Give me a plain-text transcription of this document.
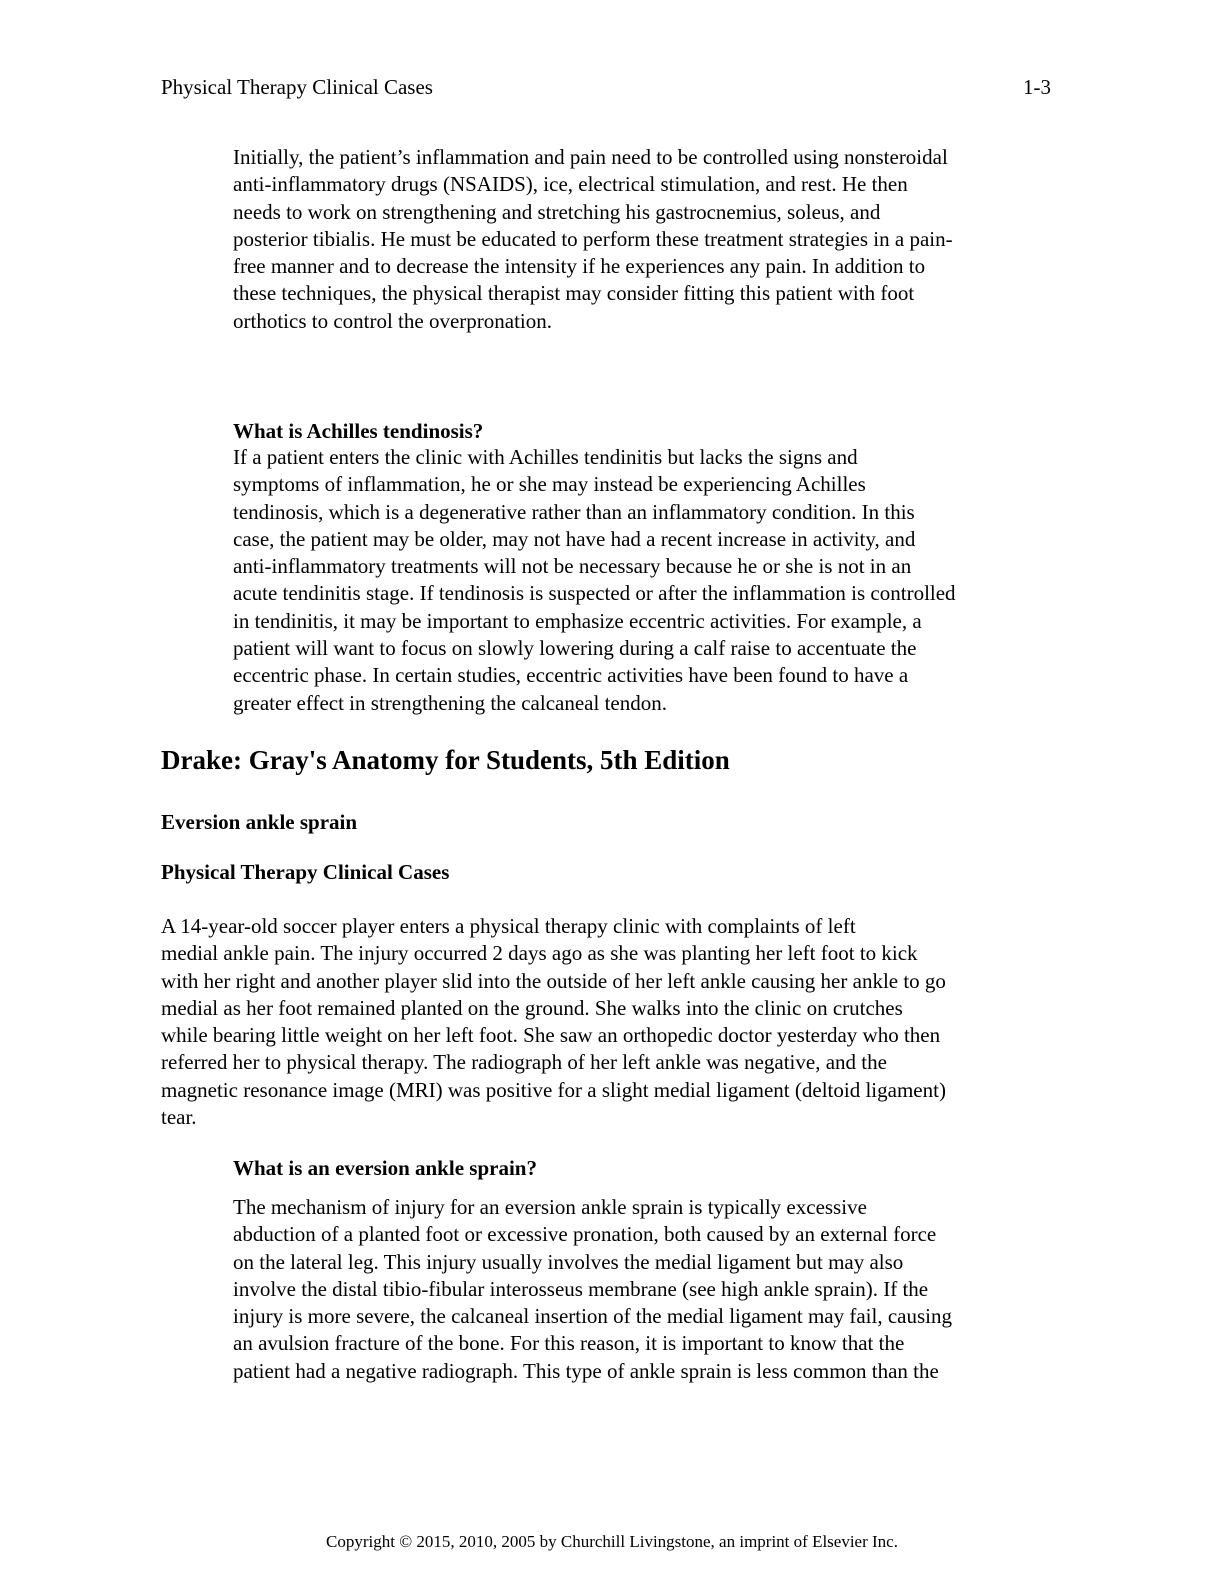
Physical Therapy Clinical Cases	1-3

Initially, the patient’s inflammation and pain need to be controlled using nonsteroidal
anti-inflammatory drugs (NSAIDS), ice, electrical stimulation, and rest. He then
needs to work on strengthening and stretching his gastrocnemius, soleus, and
posterior tibialis. He must be educated to perform these treatment strategies in a pain-
free manner and to decrease the intensity if he experiences any pain. In addition to
these techniques, the physical therapist may consider fitting this patient with foot
orthotics to control the overpronation.

What is Achilles tendinosis?

If a patient enters the clinic with Achilles tendinitis but lacks the signs and
symptoms of inflammation, he or she may instead be experiencing Achilles
tendinosis, which is a degenerative rather than an inflammatory condition. In this
case, the patient may be older, may not have had a recent increase in activity, and
anti-inflammatory treatments will not be necessary because he or she is not in an
acute tendinitis stage. If tendinosis is suspected or after the inflammation is controlled
in tendinitis, it may be important to emphasize eccentric activities. For example, a
patient will want to focus on slowly lowering during a calf raise to accentuate the
eccentric phase. In certain studies, eccentric activities have been found to have a
greater effect in strengthening the calcaneal tendon.

Drake: Gray's Anatomy for Students, 5th Edition
Eversion ankle sprain
Physical Therapy Clinical Cases

A 14-year-old soccer player enters a physical therapy clinic with complaints of left
medial ankle pain. The injury occurred 2 days ago as she was planting her left foot to kick
with her right and another player slid into the outside of her left ankle causing her ankle to go
medial as her foot remained planted on the ground. She walks into the clinic on crutches
while bearing little weight on her left foot. She saw an orthopedic doctor yesterday who then
referred her to physical therapy. The radiograph of her left ankle was negative, and the
magnetic resonance image (MRI) was positive for a slight medial ligament (deltoid ligament)
tear.

What is an eversion ankle sprain?

The mechanism of injury for an eversion ankle sprain is typically excessive
abduction of a planted foot or excessive pronation, both caused by an external force
on the lateral leg. This injury usually involves the medial ligament but may also
involve the distal tibio-fibular interosseus membrane (see high ankle sprain). If the
injury is more severe, the calcaneal insertion of the medial ligament may fail, causing
an avulsion fracture of the bone. For this reason, it is important to know that the
patient had a negative radiograph. This type of ankle sprain is less common than the

Copyright © 2015, 2010, 2005 by Churchill Livingstone, an imprint of Elsevier Inc.
